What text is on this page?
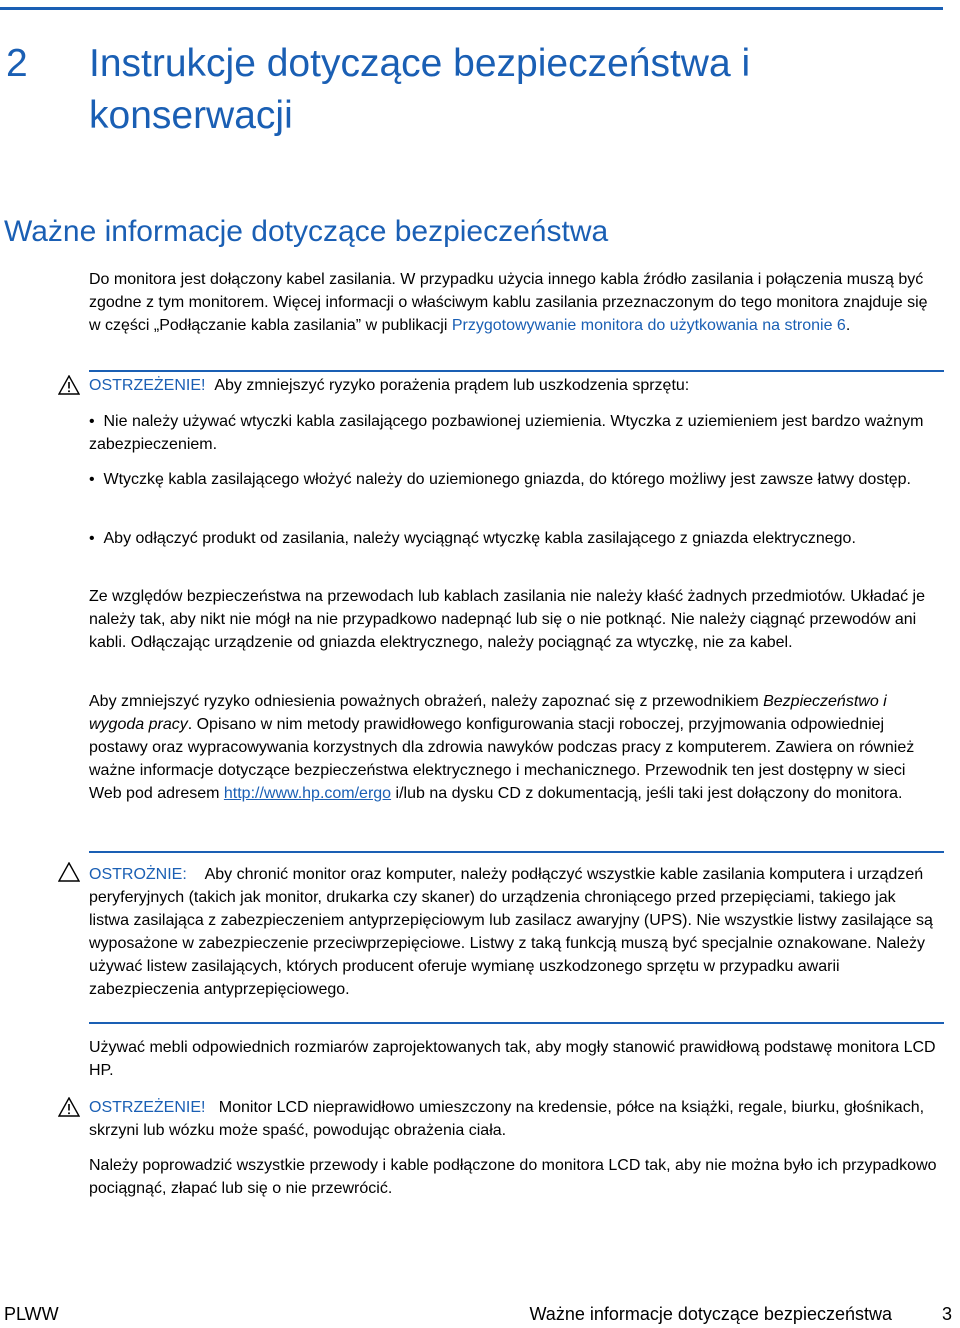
2 Instrukcje dotyczące bezpieczeństwa i konserwacji
Ważne informacje dotyczące bezpieczeństwa

Do monitora jest dołączony kabel zasilania. W przypadku użycia innego kabla źródło zasilania i połączenia muszą być zgodne z tym monitorem. Więcej informacji o właściwym kablu zasilania przeznaczonym do tego monitora znajduje się w części „Podłączanie kabla zasilania” w publikacji Przygotowywanie monitora do użytkowania na stronie 6.

OSTRZEŻENIE! Aby zmniejszyć ryzyko porażenia prądem lub uszkodzenia sprzętu:

•  Nie należy używać wtyczki kabla zasilającego pozbawionej uziemienia. Wtyczka z uziemieniem jest bardzo ważnym zabezpieczeniem.

•  Wtyczkę kabla zasilającego włożyć należy do uziemionego gniazda, do którego możliwy jest zawsze łatwy dostęp.

•  Aby odłączyć produkt od zasilania, należy wyciągnąć wtyczkę kabla zasilającego z gniazda elektrycznego.

Ze względów bezpieczeństwa na przewodach lub kablach zasilania nie należy kłaść żadnych przedmiotów. Układać je należy tak, aby nikt nie mógł na nie przypadkowo nadepnąć lub się o nie potknąć. Nie należy ciągnąć przewodów ani kabli. Odłączając urządzenie od gniazda elektrycznego, należy pociągnąć za wtyczkę, nie za kabel.

Aby zmniejszyć ryzyko odniesienia poważnych obrażeń, należy zapoznać się z przewodnikiem Bezpieczeństwo i wygoda pracy. Opisano w nim metody prawidłowego konfigurowania stacji roboczej, przyjmowania odpowiedniej postawy oraz wypracowywania korzystnych dla zdrowia nawyków podczas pracy z komputerem. Zawiera on również ważne informacje dotyczące bezpieczeństwa elektrycznego i mechanicznego. Przewodnik ten jest dostępny w sieci Web pod adresem http://www.hp.com/ergo i/lub na dysku CD z dokumentacją, jeśli taki jest dołączony do monitora.

OSTROŻNIE: Aby chronić monitor oraz komputer, należy podłączyć wszystkie kable zasilania komputera i urządzeń peryferyjnych (takich jak monitor, drukarka czy skaner) do urządzenia chroniącego przed przepięciami, takiego jak listwa zasilająca z zabezpieczeniem antyprzepięciowym lub zasilacz awaryjny (UPS). Nie wszystkie listwy zasilające są wyposażone w zabezpieczenie przeciwprzepięciowe. Listwy z taką funkcją muszą być specjalnie oznakowane. Należy używać listew zasilających, których producent oferuje wymianę uszkodzonego sprzętu w przypadku awarii zabezpieczenia antyprzepięciowego.

Używać mebli odpowiednich rozmiarów zaprojektowanych tak, aby mogły stanowić prawidłową podstawę monitora LCD HP.

OSTRZEŻENIE! Monitor LCD nieprawidłowo umieszczony na kredensie, półce na książki, regale, biurku, głośnikach, skrzyni lub wózku może spaść, powodując obrażenia ciała.

Należy poprowadzić wszystkie przewody i kable podłączone do monitora LCD tak, aby nie można było ich przypadkowo pociągnąć, złapać lub się o nie przewrócić.

PLWW	Ważne informacje dotyczące bezpieczeństwa	3
